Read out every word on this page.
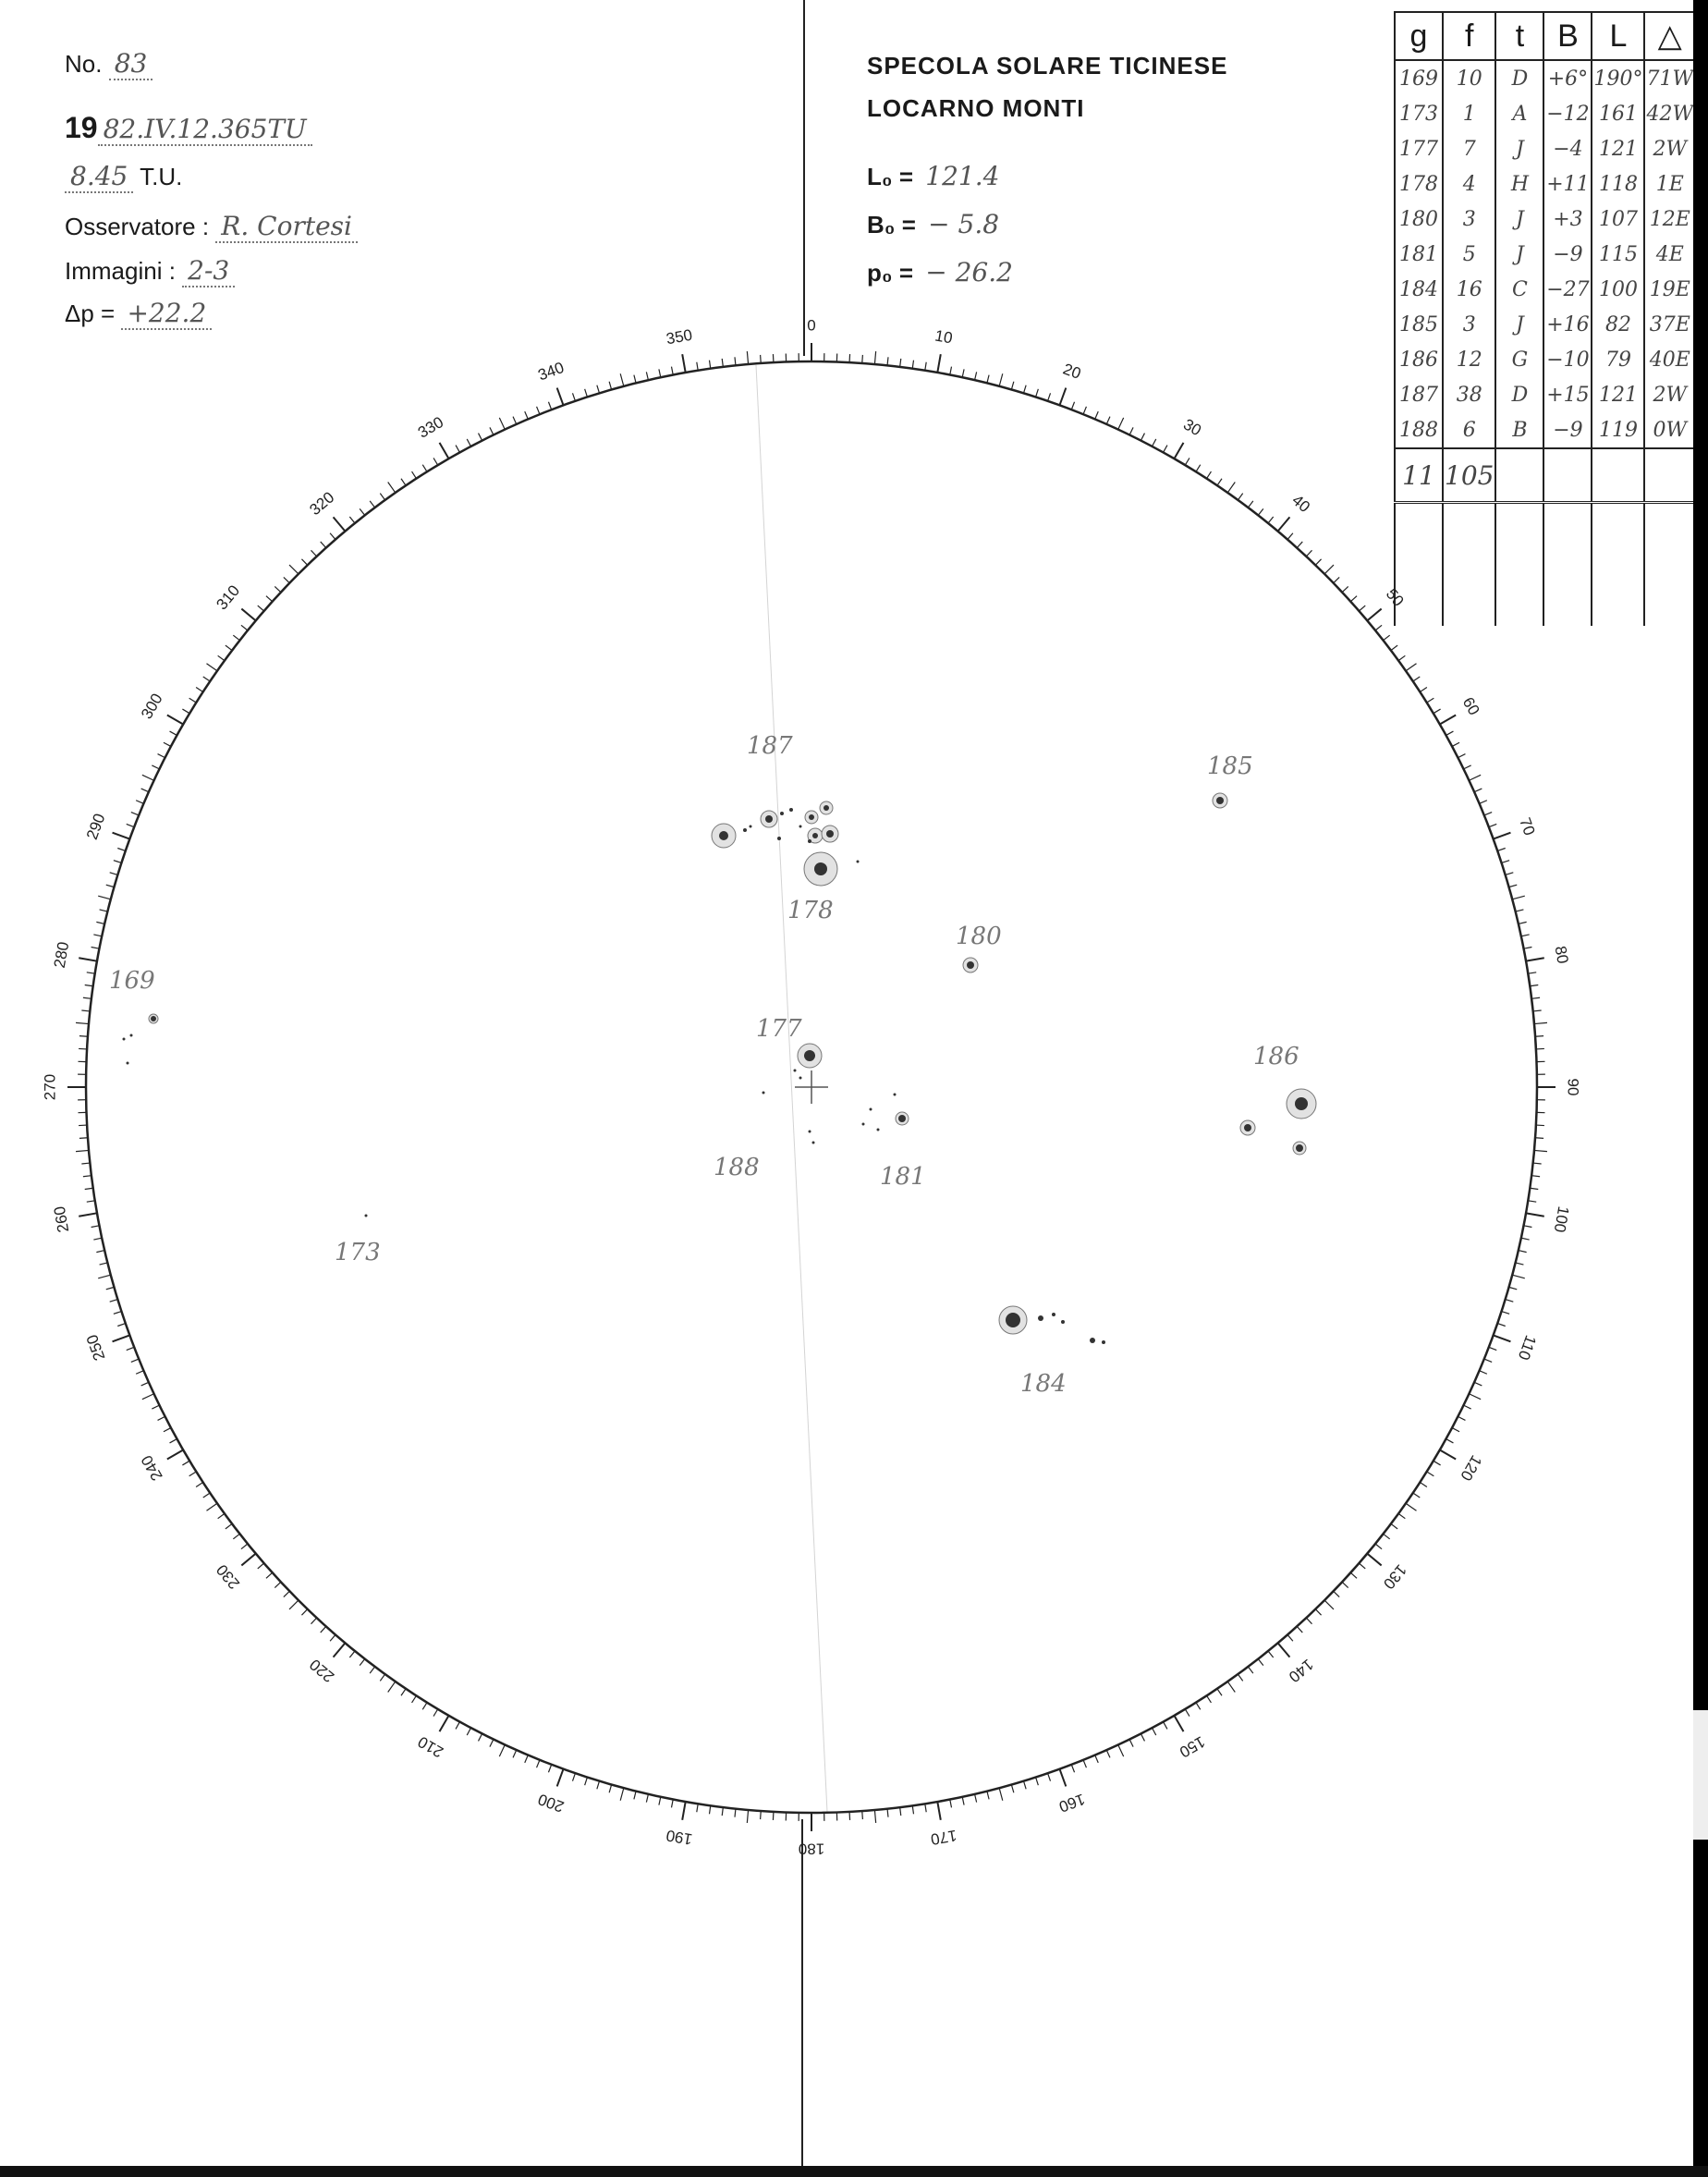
No. 83
19 82.IV.12.365TU
8.45 T.U.
Osservatore : R. Cortesi
Immagini : 2-3
Δp = +22.2
SPECOLA SOLARE TICINESE
LOCARNO MONTI
L₀ = 121.4
B₀ = − 5.8
p₀ = − 26.2
g	f	t	B	L	△
169	10	D	+6°	190°	71W
173	1	A	−12	161	42W
177	7	J	−4	121	2W
178	4	H	+11	118	1E
180	3	J	+3	107	12E
181	5	J	−9	115	4E
184	16	C	−27	100	19E
185	3	J	+16	82	37E
186	12	G	−10	79	40E
187	38	D	+15	121	2W
188	6	B	−9	119	0W
11	105				

0
10
20
30
40
50
60
70
80
90
100
110
120
130
140
150
160
170
180
190
200
210
220
230
240
250
260
270
280
290
300
310
320
330
340
350
187
178
185
180
169
177
186
188	181
173
184
